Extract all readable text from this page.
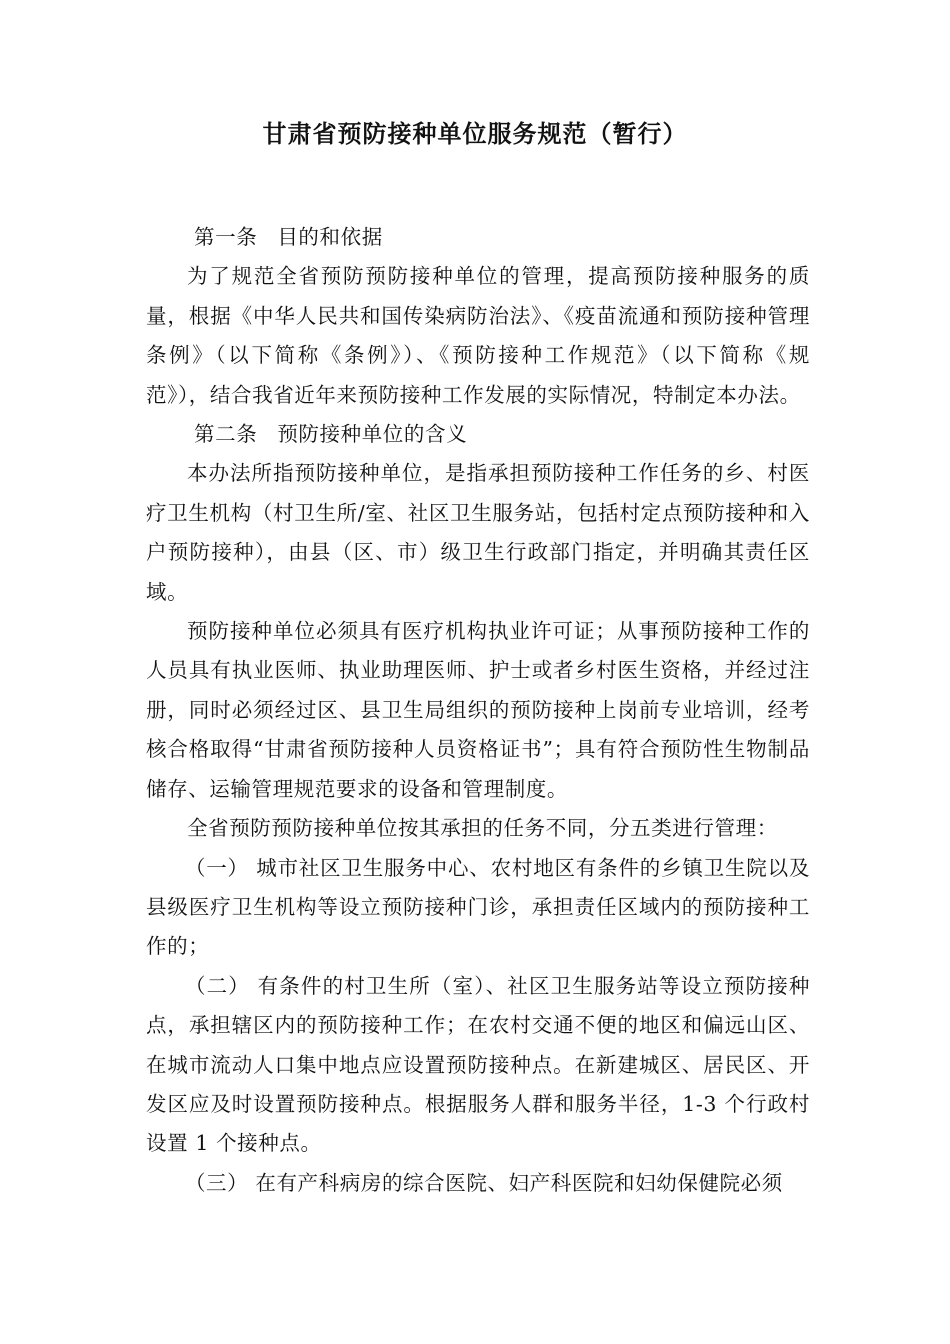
甘肃省预防接种单位服务规范（暂行）

第一条 目的和依据

为了规范全省预防预防接种单位的管理，提高预防接种服务的质量，根据《中华人民共和国传染病防治法》、《疫苗流通和预防接种管理条例》（以下简称《条例》）、《预防接种工作规范》（以下简称《规范》），结合我省近年来预防接种工作发展的实际情况，特制定本办法。

第二条 预防接种单位的含义

本办法所指预防接种单位，是指承担预防接种工作任务的乡、村医疗卫生机构（村卫生所/室、社区卫生服务站，包括村定点预防接种和入户预防接种），由县（区、市）级卫生行政部门指定，并明确其责任区域。

预防接种单位必须具有医疗机构执业许可证；从事预防接种工作的人员具有执业医师、执业助理医师、护士或者乡村医生资格，并经过注册，同时必须经过区、县卫生局组织的预防接种上岗前专业培训，经考核合格取得“甘肃省预防接种人员资格证书”；具有符合预防性生物制品储存、运输管理规范要求的设备和管理制度。

全省预防预防接种单位按其承担的任务不同，分五类进行管理：

（一） 城市社区卫生服务中心、农村地区有条件的乡镇卫生院以及县级医疗卫生机构等设立预防接种门诊，承担责任区域内的预防接种工作的；

（二） 有条件的村卫生所（室）、社区卫生服务站等设立预防接种点，承担辖区内的预防接种工作；在农村交通不便的地区和偏远山区、在城市流动人口集中地点应设置预防接种点。在新建城区、居民区、开发区应及时设置预防接种点。根据服务人群和服务半径，1-3 个行政村设置 1 个接种点。

（三） 在有产科病房的综合医院、妇产科医院和妇幼保健院必须
